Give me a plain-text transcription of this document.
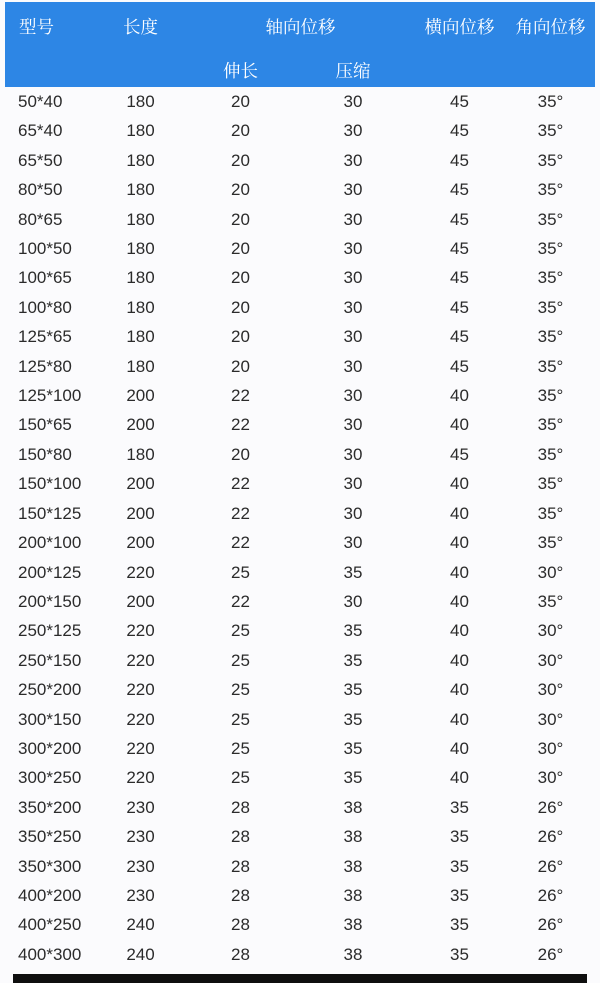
型号	长度	轴向位移		横向位移	角向位移
		伸长	压缩		
50*40	180	20	30	45	35°
65*40	180	20	30	45	35°
65*50	180	20	30	45	35°
80*50	180	20	30	45	35°
80*65	180	20	30	45	35°
100*50	180	20	30	45	35°
100*65	180	20	30	45	35°
100*80	180	20	30	45	35°
125*65	180	20	30	45	35°
125*80	180	20	30	45	35°
125*100	200	22	30	40	35°
150*65	200	22	30	40	35°
150*80	180	20	30	45	35°
150*100	200	22	30	40	35°
150*125	200	22	30	40	35°
200*100	200	22	30	40	35°
200*125	220	25	35	40	30°
200*150	200	22	30	40	35°
250*125	220	25	35	40	30°
250*150	220	25	35	40	30°
250*200	220	25	35	40	30°
300*150	220	25	35	40	30°
300*200	220	25	35	40	30°
300*250	220	25	35	40	30°
350*200	230	28	38	35	26°
350*250	230	28	38	35	26°
350*300	230	28	38	35	26°
400*200	230	28	38	35	26°
400*250	240	28	38	35	26°
400*300	240	28	38	35	26°
